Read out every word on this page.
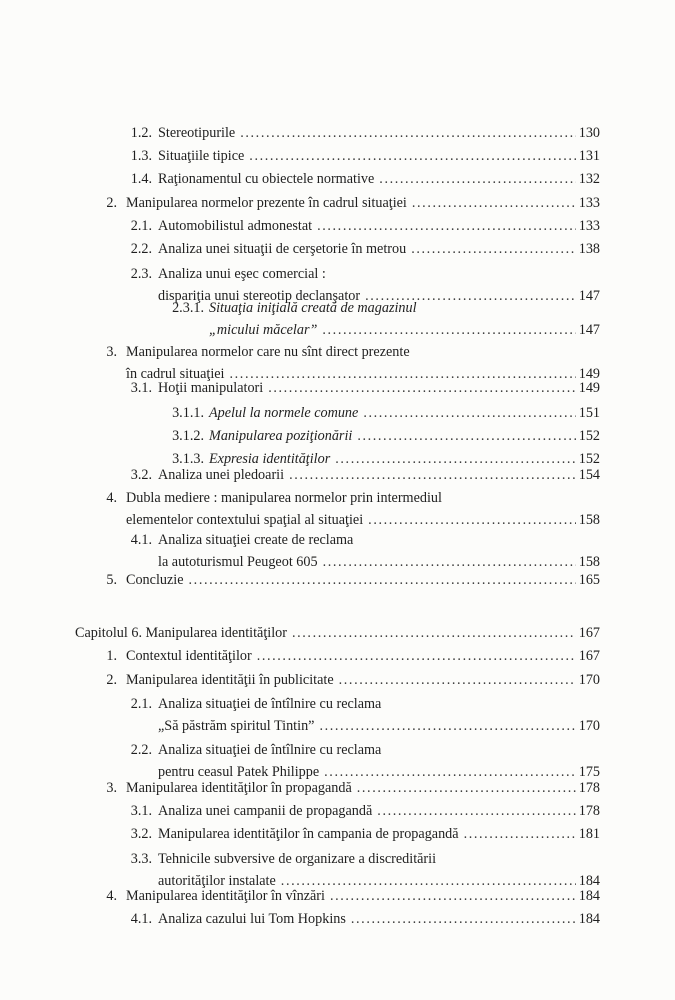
1.2. Stereotipurile .....	130
1.3. Situaţiile tipice .....	131
1.4. Raţionamentul cu obiectele normative .....	132
2. Manipularea normelor prezente în cadrul situaţiei .....	133
2.1. Automobilistul admonestat .....	133
2.2. Analiza unei situaţii de cerşetorie în metrou .....	138
2.3. Analiza unui eşec comercial :
dispariţia unui stereotip declanşator .....	147
2.3.1. Situaţia iniţială creată de magazinul
„micului măcelar” .....	147
3. Manipularea normelor care nu sînt direct prezente
în cadrul situaţiei .....	149
3.1. Hoţii manipulatori .....	149
3.1.1. Apelul la normele comune .....	151
3.1.2. Manipularea poziţionării .....	152
3.1.3. Expresia identităţilor .....	152
3.2. Analiza unei pledoarii .....	154
4. Dubla mediere : manipularea normelor prin intermediul
elementelor contextului spaţial al situaţiei .....	158
4.1. Analiza situaţiei create de reclama
la autoturismul Peugeot 605 .....	158
5. Concluzie .....	165
Capitolul 6. Manipularea identităţilor .....	167
1. Contextul identităţilor .....	167
2. Manipularea identităţii în publicitate .....	170
2.1. Analiza situaţiei de întîlnire cu reclama
„Să păstrăm spiritul Tintin” .....	170
2.2. Analiza situaţiei de întîlnire cu reclama
pentru ceasul Patek Philippe .....	175
3. Manipularea identităţilor în propagandă .....	178
3.1. Analiza unei campanii de propagandă .....	178
3.2. Manipularea identităţilor în campania de propagandă .....	181
3.3. Tehnicile subversive de organizare a discreditării
autorităţilor instalate .....	184
4. Manipularea identităţilor în vînzări .....	184
4.1. Analiza cazului lui Tom Hopkins .....	184
